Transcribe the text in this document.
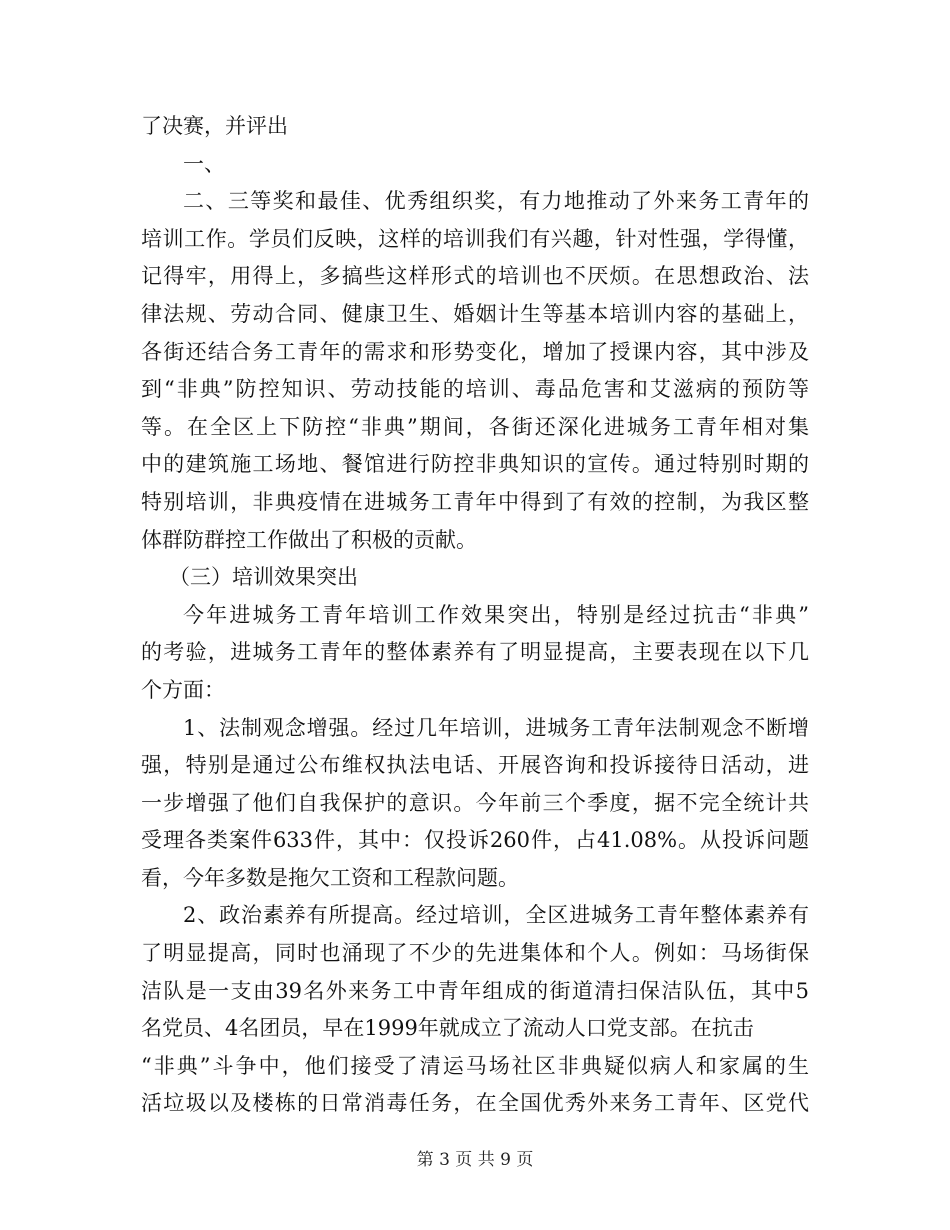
了决赛，并评出
一、
二、三等奖和最佳、优秀组织奖，有力地推动了外来务工青年的
培训工作。学员们反映，这样的培训我们有兴趣，针对性强，学得懂，
记得牢，用得上，多搞些这样形式的培训也不厌烦。在思想政治、法
律法规、劳动合同、健康卫生、婚姻计生等基本培训内容的基础上，
各街还结合务工青年的需求和形势变化，增加了授课内容，其中涉及
到“非典”防控知识、劳动技能的培训、毒品危害和艾滋病的预防等
等。在全区上下防控“非典”期间，各街还深化进城务工青年相对集
中的建筑施工场地、餐馆进行防控非典知识的宣传。通过特别时期的
特别培训，非典疫情在进城务工青年中得到了有效的控制，为我区整
体群防群控工作做出了积极的贡献。
（三）培训效果突出
今年进城务工青年培训工作效果突出，特别是经过抗击“非典”
的考验，进城务工青年的整体素养有了明显提高，主要表现在以下几
个方面：
1、法制观念增强。经过几年培训，进城务工青年法制观念不断增
强，特别是通过公布维权执法电话、开展咨询和投诉接待日活动，进
一步增强了他们自我保护的意识。今年前三个季度，据不完全统计共
受理各类案件633件，其中：仅投诉260件，占41.08%。从投诉问题
看，今年多数是拖欠工资和工程款问题。
2、政治素养有所提高。经过培训，全区进城务工青年整体素养有
了明显提高，同时也涌现了不少的先进集体和个人。例如：马场街保
洁队是一支由39名外来务工中青年组成的街道清扫保洁队伍，其中5
名党员、4名团员，早在1999年就成立了流动人口党支部。在抗击
“非典”斗争中，他们接受了清运马场社区非典疑似病人和家属的生
活垃圾以及楼栋的日常消毒任务，在全国优秀外来务工青年、区党代
第 3 页 共 9 页
